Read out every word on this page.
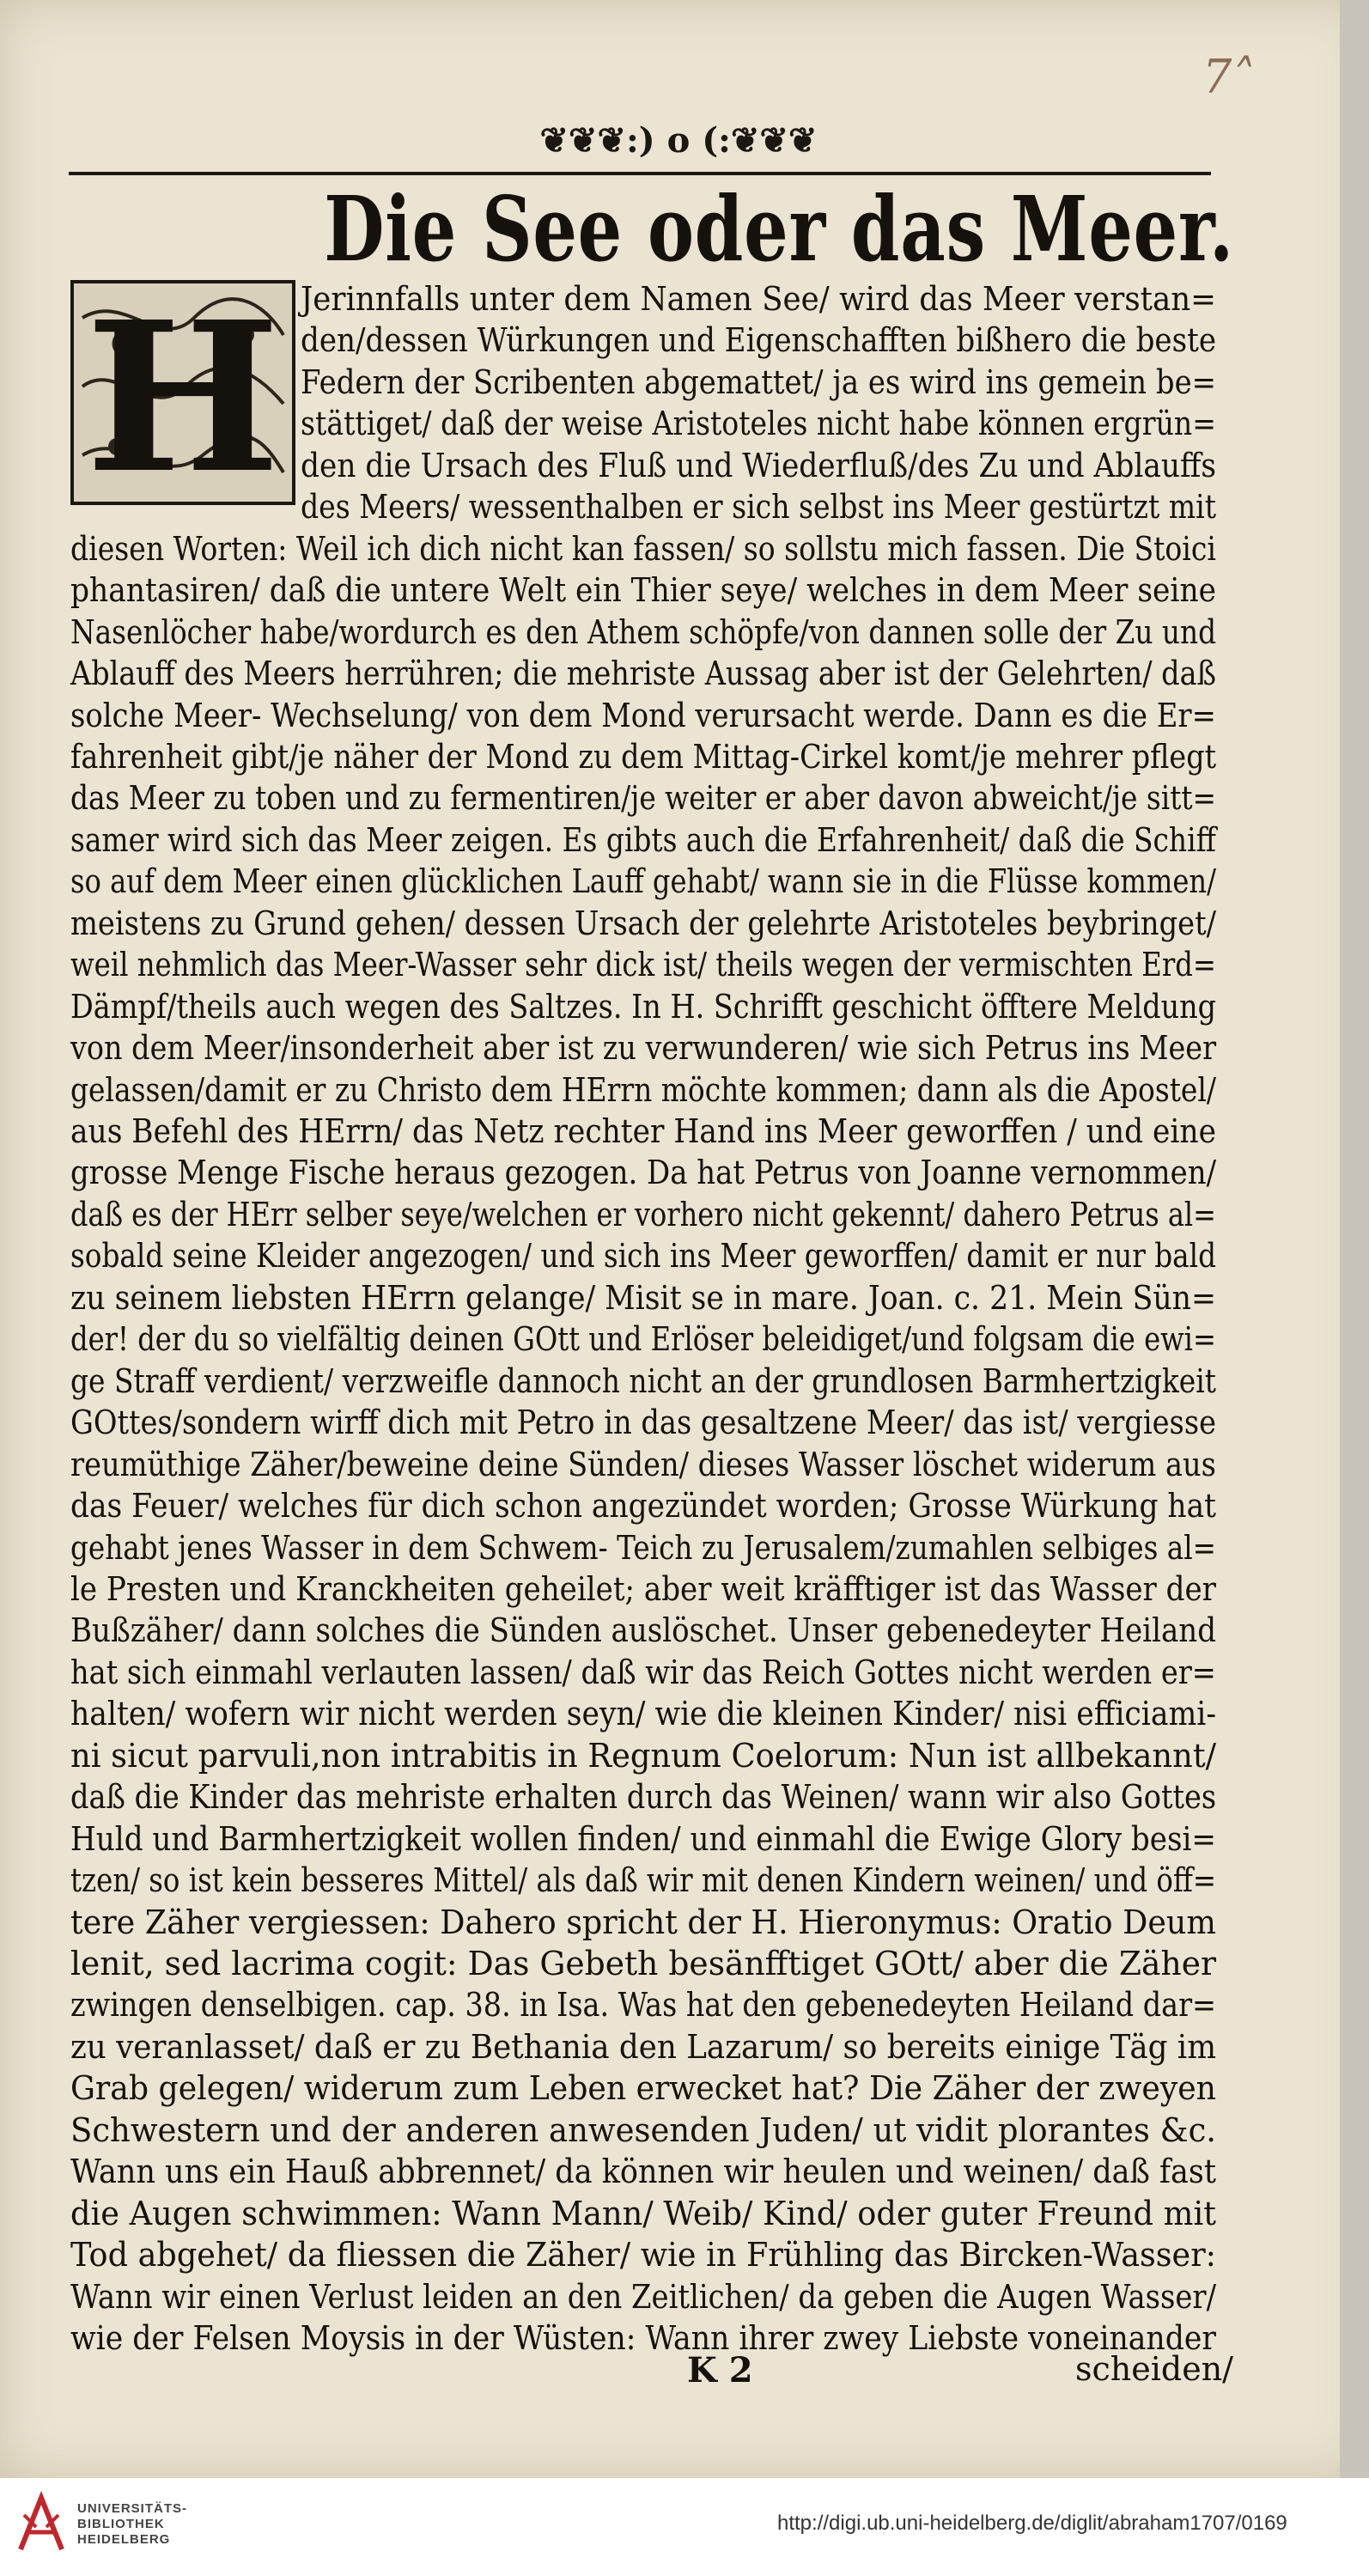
7˄
❦❦❦:) o (:❦❦❦
Die See oder das Meer.
H Jerinnfalls unter dem Namen See/ wird das Meer verstan=
den/dessen Würkungen und Eigenschafften bißhero die beste
Federn der Scribenten abgemattet/ ja es wird ins gemein be=
stättiget/ daß der weise Aristoteles nicht habe können ergrün=
den die Ursach des Fluß und Wiederfluß/des Zu und Ablauffs
des Meers/ wessenthalben er sich selbst ins Meer gestürtzt mit
diesen Worten: Weil ich dich nicht kan fassen/ so sollstu mich fassen. Die Stoici
phantasiren/ daß die untere Welt ein Thier seye/ welches in dem Meer seine
Nasenlöcher habe/wordurch es den Athem schöpfe/von dannen solle der Zu und
Ablauff des Meers herrühren; die mehriste Aussag aber ist der Gelehrten/ daß
solche Meer- Wechselung/ von dem Mond verursacht werde. Dann es die Er=
fahrenheit gibt/je näher der Mond zu dem Mittag-Cirkel komt/je mehrer pflegt
das Meer zu toben und zu fermentiren/je weiter er aber davon abweicht/je sitt=
samer wird sich das Meer zeigen. Es gibts auch die Erfahrenheit/ daß die Schiff
so auf dem Meer einen glücklichen Lauff gehabt/ wann sie in die Flüsse kommen/
meistens zu Grund gehen/ dessen Ursach der gelehrte Aristoteles beybringet/
weil nehmlich das Meer-Wasser sehr dick ist/ theils wegen der vermischten Erd=
Dämpf/theils auch wegen des Saltzes. In H. Schrifft geschicht öfftere Meldung
von dem Meer/insonderheit aber ist zu verwunderen/ wie sich Petrus ins Meer
gelassen/damit er zu Christo dem HErrn möchte kommen; dann als die Apostel/
aus Befehl des HErrn/ das Netz rechter Hand ins Meer geworffen / und eine
grosse Menge Fische heraus gezogen. Da hat Petrus von Joanne vernommen/
daß es der HErr selber seye/welchen er vorhero nicht gekennt/ dahero Petrus al=
sobald seine Kleider angezogen/ und sich ins Meer geworffen/ damit er nur bald
zu seinem liebsten HErrn gelange/ Misit se in mare. Joan. c. 21. Mein Sün=
der! der du so vielfältig deinen GOtt und Erlöser beleidiget/und folgsam die ewi=
ge Straff verdient/ verzweifle dannoch nicht an der grundlosen Barmhertzigkeit
GOttes/sondern wirff dich mit Petro in das gesaltzene Meer/ das ist/ vergiesse
reumüthige Zäher/beweine deine Sünden/ dieses Wasser löschet widerum aus
das Feuer/ welches für dich schon angezündet worden; Grosse Würkung hat
gehabt jenes Wasser in dem Schwem- Teich zu Jerusalem/zumahlen selbiges al=
le Presten und Kranckheiten geheilet; aber weit kräfftiger ist das Wasser der
Bußzäher/ dann solches die Sünden auslöschet. Unser gebenedeyter Heiland
hat sich einmahl verlauten lassen/ daß wir das Reich Gottes nicht werden er=
halten/ wofern wir nicht werden seyn/ wie die kleinen Kinder/ nisi efficiami-
ni sicut parvuli,non intrabitis in Regnum Coelorum: Nun ist allbekannt/
daß die Kinder das mehriste erhalten durch das Weinen/ wann wir also Gottes
Huld und Barmhertzigkeit wollen finden/ und einmahl die Ewige Glory besi=
tzen/ so ist kein besseres Mittel/ als daß wir mit denen Kindern weinen/ und öff=
tere Zäher vergiessen: Dahero spricht der H. Hieronymus: Oratio Deum
lenit, sed lacrima cogit: Das Gebeth besänfftiget GOtt/ aber die Zäher
zwingen denselbigen. cap. 38. in Isa. Was hat den gebenedeyten Heiland dar=
zu veranlasset/ daß er zu Bethania den Lazarum/ so bereits einige Täg im
Grab gelegen/ widerum zum Leben erwecket hat? Die Zäher der zweyen
Schwestern und der anderen anwesenden Juden/ ut vidit plorantes &c.
Wann uns ein Hauß abbrennet/ da können wir heulen und weinen/ daß fast
die Augen schwimmen: Wann Mann/ Weib/ Kind/ oder guter Freund mit
Tod abgehet/ da fliessen die Zäher/ wie in Frühling das Bircken-Wasser:
Wann wir einen Verlust leiden an den Zeitlichen/ da geben die Augen Wasser/
wie der Felsen Moysis in der Wüsten: Wann ihrer zwey Liebste voneinander
K 2	scheiden/
UNIVERSITÄTS-
BIBLIOTHEK
HEIDELBERG
http://digi.ub.uni-heidelberg.de/diglit/abraham1707/0169
